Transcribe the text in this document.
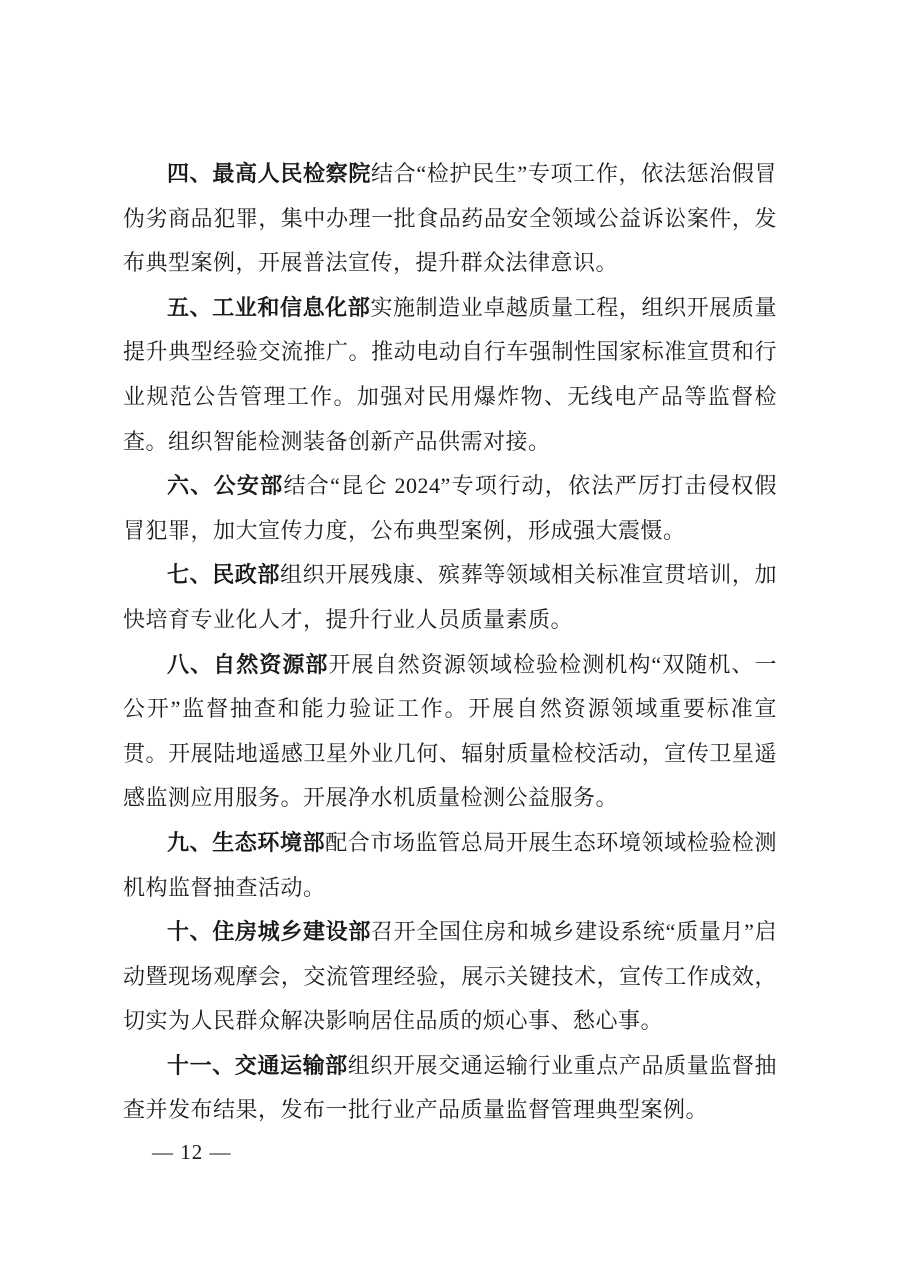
四、最高人民检察院结合“检护民生”专项工作，依法惩治假冒伪劣商品犯罪，集中办理一批食品药品安全领域公益诉讼案件，发布典型案例，开展普法宣传，提升群众法律意识。

五、工业和信息化部实施制造业卓越质量工程，组织开展质量提升典型经验交流推广。推动电动自行车强制性国家标准宣贯和行业规范公告管理工作。加强对民用爆炸物、无线电产品等监督检查。组织智能检测装备创新产品供需对接。

六、公安部结合“昆仑 2024”专项行动，依法严厉打击侵权假冒犯罪，加大宣传力度，公布典型案例，形成强大震慑。

七、民政部组织开展残康、殡葬等领域相关标准宣贯培训，加快培育专业化人才，提升行业人员质量素质。

八、自然资源部开展自然资源领域检验检测机构“双随机、一公开”监督抽查和能力验证工作。开展自然资源领域重要标准宣贯。开展陆地遥感卫星外业几何、辐射质量检校活动，宣传卫星遥感监测应用服务。开展净水机质量检测公益服务。

九、生态环境部配合市场监管总局开展生态环境领域检验检测机构监督抽查活动。

十、住房城乡建设部召开全国住房和城乡建设系统“质量月”启动暨现场观摩会，交流管理经验，展示关键技术，宣传工作成效，切实为人民群众解决影响居住品质的烦心事、愁心事。

十一、交通运输部组织开展交通运输行业重点产品质量监督抽查并发布结果，发布一批行业产品质量监督管理典型案例。

— 12 —
